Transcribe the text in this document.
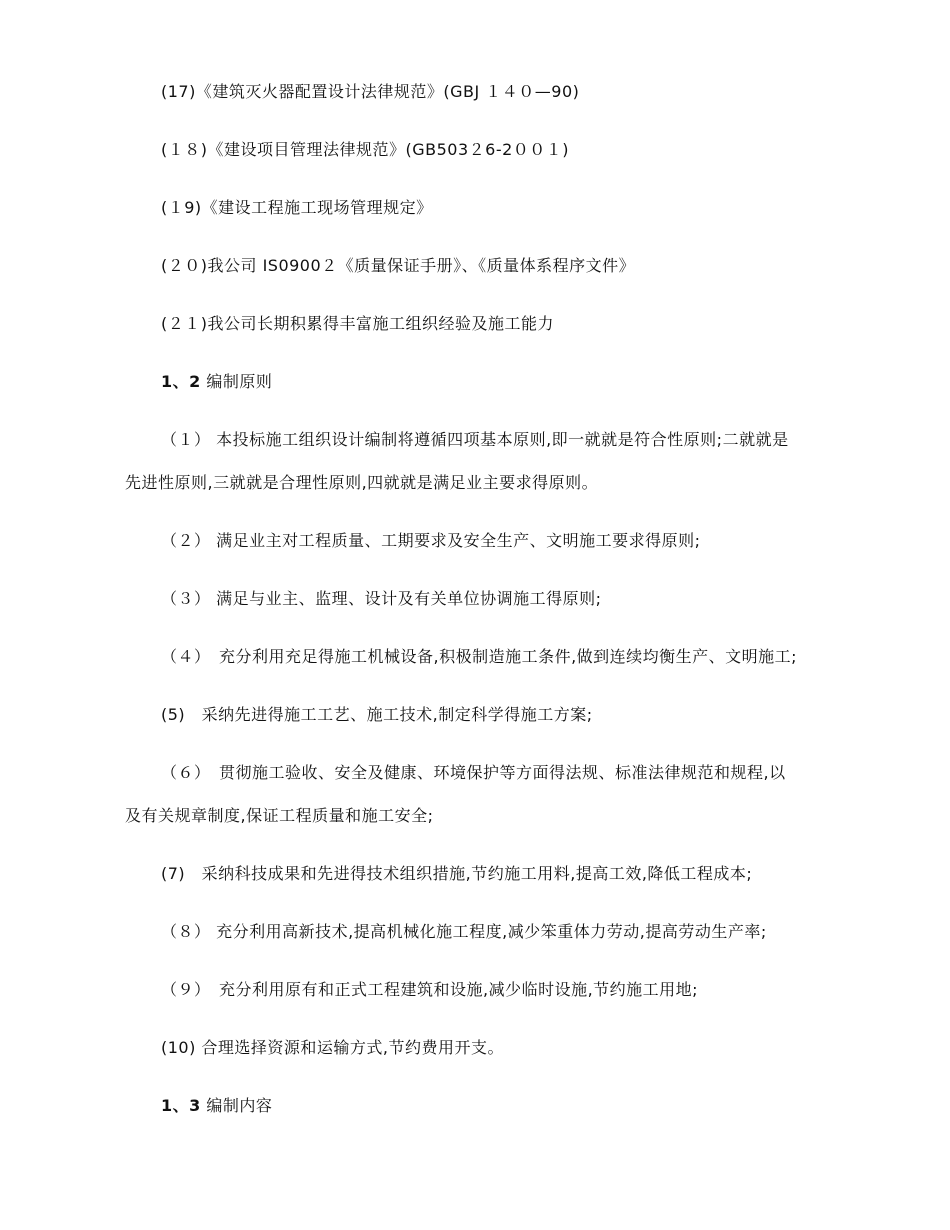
(17)《建筑灭火器配置设计法律规范》(GBJ １４０—90)
(１８)《建设项目管理法律规范》(GB503２6-2００１)
(１9)《建设工程施工现场管理规定》
(２０)我公司 IS0900２《质量保证手册》、《质量体系程序文件》
(２１)我公司长期积累得丰富施工组织经验及施工能力
1、2 编制原则
（１） 本投标施工组织设计编制将遵循四项基本原则,即一就就是符合性原则;二就就是
先进性原则,三就就是合理性原则,四就就是满足业主要求得原则。
（２） 满足业主对工程质量、工期要求及安全生产、文明施工要求得原则;
（３） 满足与业主、监理、设计及有关单位协调施工得原则;
（４）　充分利用充足得施工机械设备,积极制造施工条件,做到连续均衡生产、文明施工;
(5)　采纳先进得施工工艺、施工技术,制定科学得施工方案;
（６）　贯彻施工验收、安全及健康、环境保护等方面得法规、标准法律规范和规程,以
及有关规章制度,保证工程质量和施工安全;
(7)　采纳科技成果和先进得技术组织措施,节约施工用料,提高工效,降低工程成本;
（８） 充分利用高新技术,提高机械化施工程度,减少笨重体力劳动,提高劳动生产率;
（９）　充分利用原有和正式工程建筑和设施,减少临时设施,节约施工用地;
(10) 合理选择资源和运输方式,节约费用开支。
1、3 编制内容
